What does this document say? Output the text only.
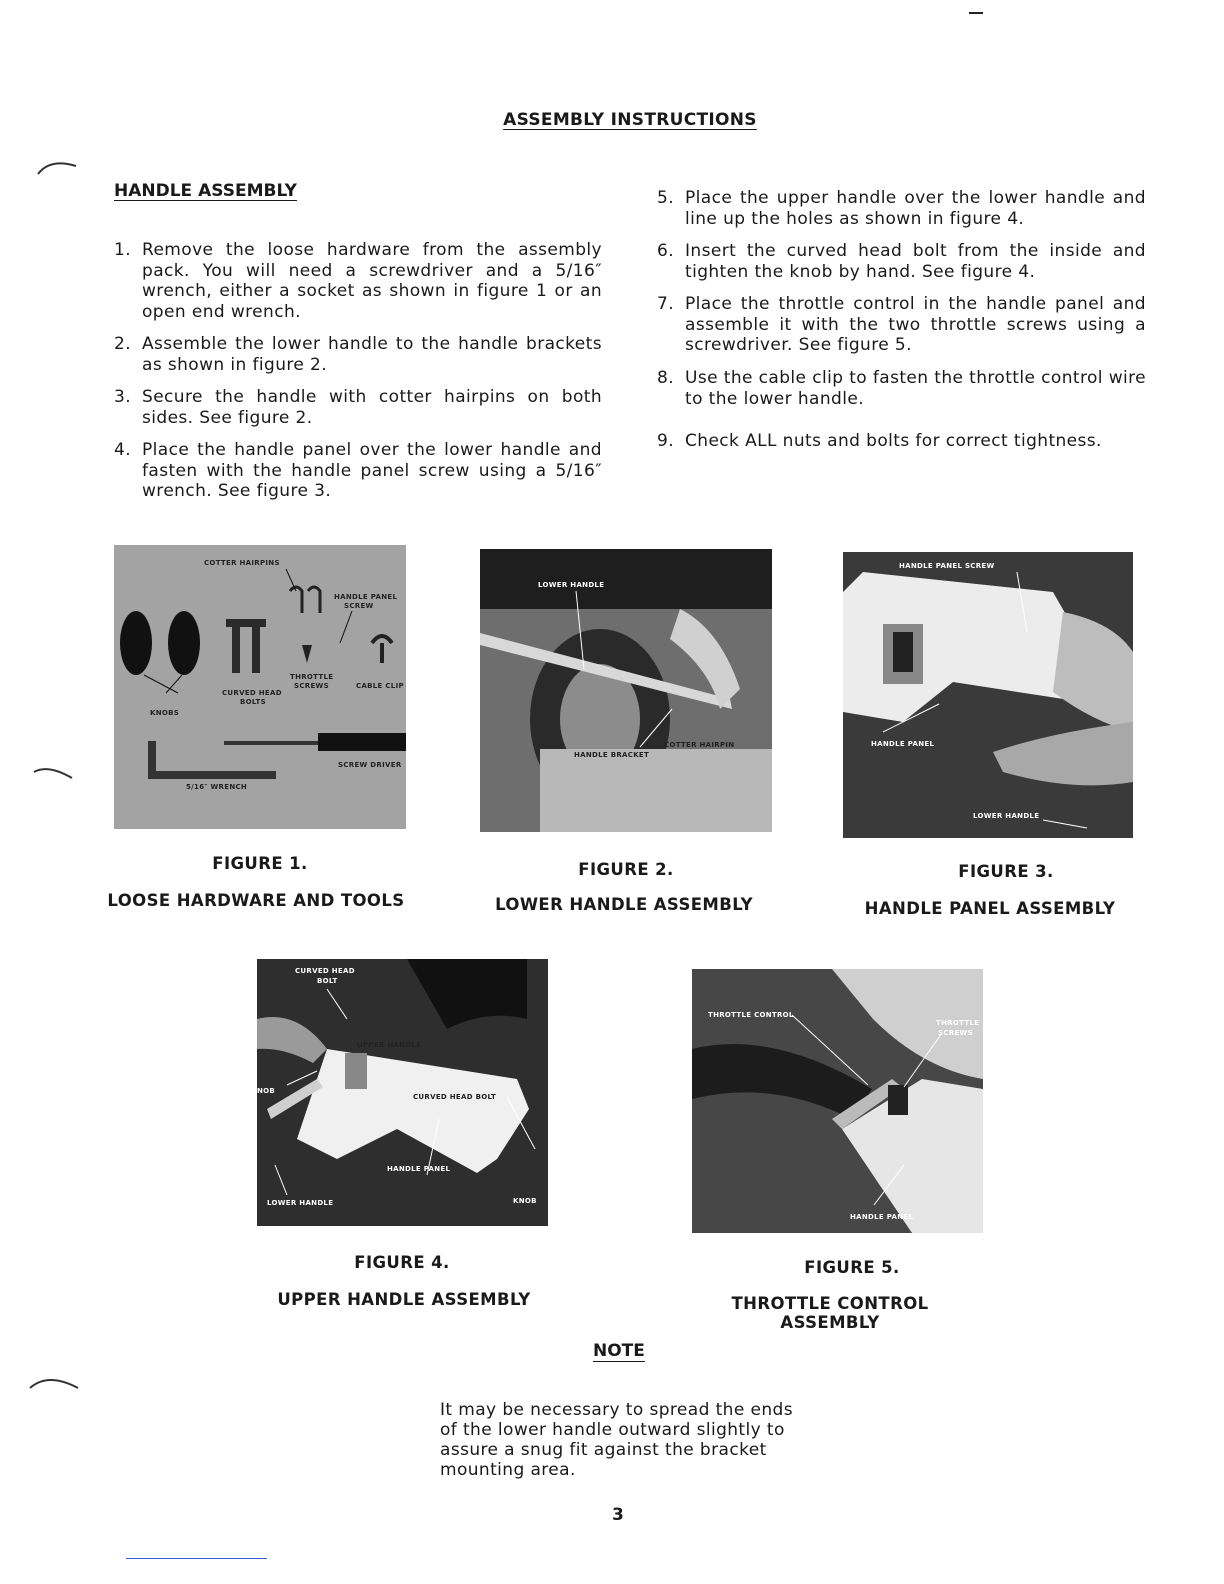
ASSEMBLY INSTRUCTIONS
HANDLE ASSEMBLY
1. Remove the loose hardware from the assembly pack. You will need a screwdriver and a 5/16″ wrench, either a socket as shown in figure 1 or an open end wrench.
2. Assemble the lower handle to the handle brackets as shown in figure 2.
3. Secure the handle with cotter hairpins on both sides. See figure 2.
4. Place the handle panel over the lower handle and fasten with the handle panel screw using a 5/16″ wrench. See figure 3.
5. Place the upper handle over the lower handle and line up the holes as shown in figure 4.
6. Insert the curved head bolt from the inside and tighten the knob by hand. See figure 4.
7. Place the throttle control in the handle panel and assemble it with the two throttle screws using a screwdriver. See figure 5.
8. Use the cable clip to fasten the throttle control wire to the lower handle.
9. Check ALL nuts and bolts for correct tightness.
COTTER HAIRPINS
HANDLE PANEL
SCREW
THROTTLE
SCREWS	CABLE CLIP
CURVED HEAD
BOLTS
KNOBS
SCREW DRIVER
5/16″ WRENCH
FIGURE 1.
LOOSE HARDWARE AND TOOLS
LOWER HANDLE
HANDLE BRACKET
COTTER HAIRPIN
FIGURE 2.
LOWER HANDLE ASSEMBLY
HANDLE PANEL SCREW
HANDLE PANEL
LOWER HANDLE
FIGURE 3.
HANDLE PANEL ASSEMBLY
CURVED HEAD
BOLT
UPPER HANDLE
NOB
CURVED HEAD BOLT
HANDLE PANEL
LOWER HANDLE	KNOB
FIGURE 4.
UPPER HANDLE ASSEMBLY
THROTTLE CONTROL
THROTTLE
SCREWS
HANDLE PANEL
FIGURE 5.
THROTTLE CONTROL ASSEMBLY
NOTE
It may be necessary to spread the ends of the lower handle outward slightly to assure a snug fit against the bracket mounting area.
3
